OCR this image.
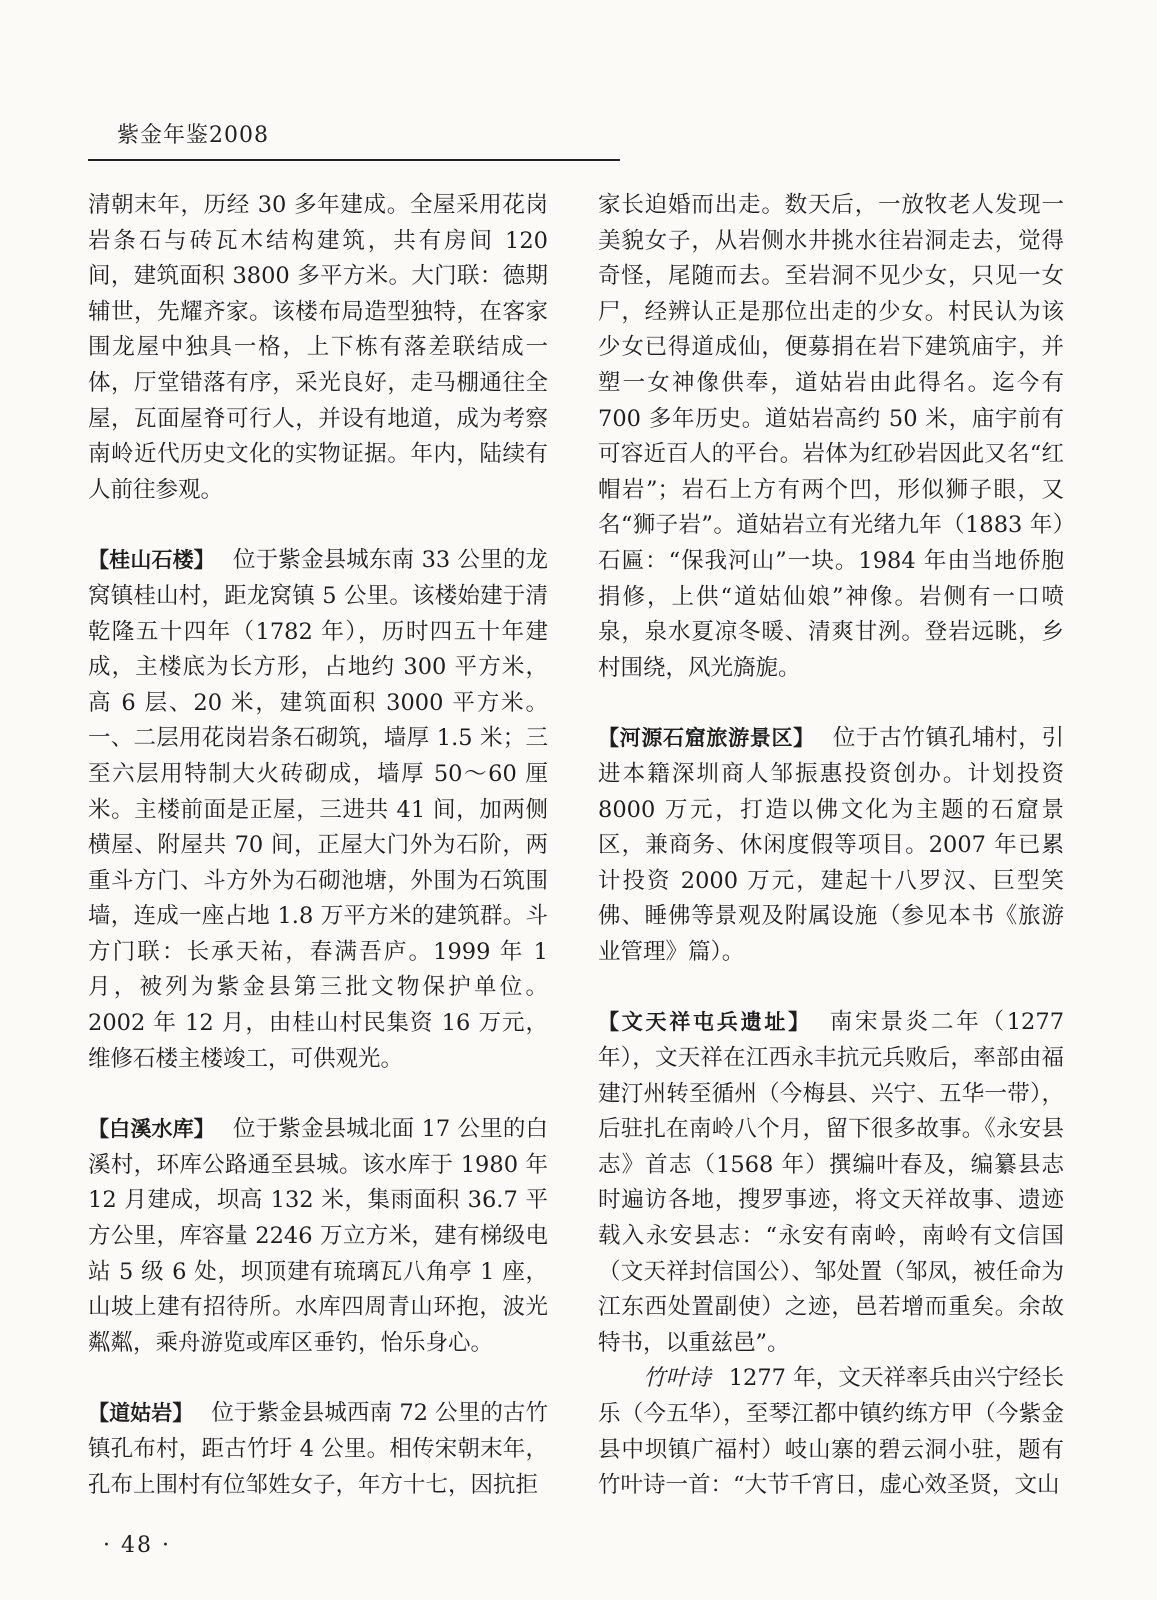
紫金年鉴2008

清朝末年，历经 30 多年建成。全屋采用花岗岩条石与砖瓦木结构建筑，共有房间 120 间，建筑面积 3800 多平方米。大门联：德期辅世，先耀齐家。该楼布局造型独特，在客家围龙屋中独具一格，上下栋有落差联结成一体，厅堂错落有序，采光良好，走马棚通往全屋，瓦面屋脊可行人，并设有地道，成为考察南岭近代历史文化的实物证据。年内，陆续有人前往参观。

【桂山石楼】 位于紫金县城东南 33 公里的龙窝镇桂山村，距龙窝镇 5 公里。该楼始建于清乾隆五十四年（1782 年），历时四五十年建成，主楼底为长方形，占地约 300 平方米，高 6 层、20 米，建筑面积 3000 平方米。一、二层用花岗岩条石砌筑，墙厚 1.5 米；三至六层用特制大火砖砌成，墙厚 50～60 厘米。主楼前面是正屋，三进共 41 间，加两侧横屋、附屋共 70 间，正屋大门外为石阶，两重斗方门、斗方外为石砌池塘，外围为石筑围墙，连成一座占地 1.8 万平方米的建筑群。斗方门联：长承天祐，春满吾庐。1999 年 1 月，被列为紫金县第三批文物保护单位。2002 年 12 月，由桂山村民集资 16 万元，维修石楼主楼竣工，可供观光。

【白溪水库】 位于紫金县城北面 17 公里的白溪村，环库公路通至县城。该水库于 1980 年 12 月建成，坝高 132 米，集雨面积 36.7 平方公里，库容量 2246 万立方米，建有梯级电站 5 级 6 处，坝顶建有琉璃瓦八角亭 1 座，山坡上建有招待所。水库四周青山环抱，波光粼粼，乘舟游览或库区垂钓，怡乐身心。

【道姑岩】 位于紫金县城西南 72 公里的古竹镇孔布村，距古竹圩 4 公里。相传宋朝末年，孔布上围村有位邹姓女子，年方十七，因抗拒

家长迫婚而出走。数天后，一放牧老人发现一美貌女子，从岩侧水井挑水往岩洞走去，觉得奇怪，尾随而去。至岩洞不见少女，只见一女尸，经辨认正是那位出走的少女。村民认为该少女已得道成仙，便募捐在岩下建筑庙宇，并塑一女神像供奉，道姑岩由此得名。迄今有 700 多年历史。道姑岩高约 50 米，庙宇前有可容近百人的平台。岩体为红砂岩因此又名“红帽岩”；岩石上方有两个凹，形似狮子眼，又名“狮子岩”。道姑岩立有光绪九年（1883 年）石匾：“保我河山”一块。1984 年由当地侨胞捐修，上供“道姑仙娘”神像。岩侧有一口喷泉，泉水夏凉冬暖、清爽甘洌。登岩远眺，乡村围绕，风光旖旎。

【河源石窟旅游景区】 位于古竹镇孔埔村，引进本籍深圳商人邹振惠投资创办。计划投资 8000 万元，打造以佛文化为主题的石窟景区，兼商务、休闲度假等项目。2007 年已累计投资 2000 万元，建起十八罗汉、巨型笑佛、睡佛等景观及附属设施（参见本书《旅游业管理》篇）。

【文天祥屯兵遗址】 南宋景炎二年（1277 年），文天祥在江西永丰抗元兵败后，率部由福建汀州转至循州（今梅县、兴宁、五华一带），后驻扎在南岭八个月，留下很多故事。《永安县志》首志（1568 年）撰编叶春及，编纂县志时遍访各地，搜罗事迹，将文天祥故事、遗迹载入永安县志：“永安有南岭，南岭有文信国（文天祥封信国公）、邹处置（邹凤，被任命为江东西处置副使）之迹，邑若增而重矣。余故特书，以重兹邑”。

竹叶诗 1277 年，文天祥率兵由兴宁经长乐（今五华），至琴江都中镇约练方甲（今紫金县中坝镇广福村）岐山寨的碧云洞小驻，题有竹叶诗一首：“大节千宵日，虚心效圣贤，文山

· 48 ·
